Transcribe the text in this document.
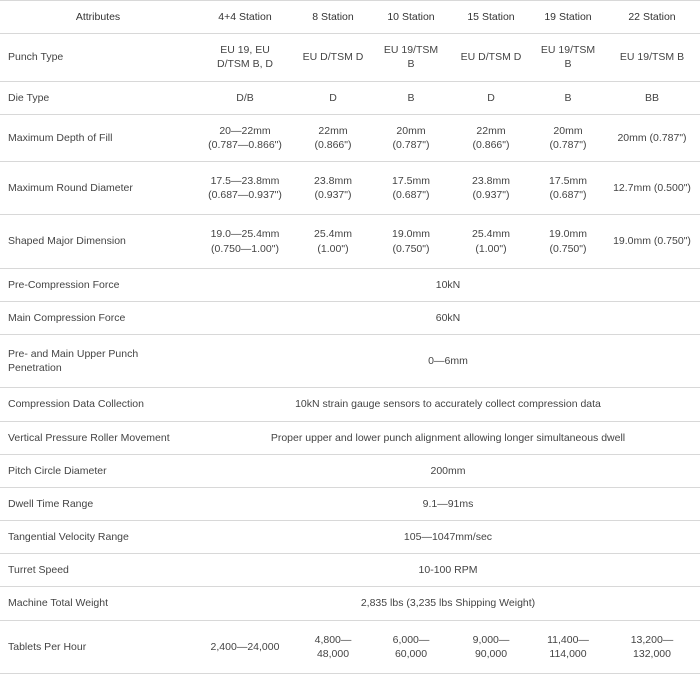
Attributes	4+4 Station	8 Station	10 Station	15 Station	19 Station	22 Station
Punch Type	EU 19, EU D/TSM B, D	EU D/TSM D	EU 19/TSM B	EU D/TSM D	EU 19/TSM B	EU 19/TSM B
Die Type	D/B	D	B	D	B	BB
Maximum Depth of Fill	20—22mm (0.787—0.866")	22mm (0.866")	20mm (0.787")	22mm (0.866")	20mm (0.787")	20mm (0.787")
Maximum Round Diameter	17.5—23.8mm (0.687—0.937")	23.8mm (0.937")	17.5mm (0.687")	23.8mm (0.937")	17.5mm (0.687")	12.7mm (0.500")
Shaped Major Dimension	19.0—25.4mm (0.750—1.00")	25.4mm (1.00")	19.0mm (0.750")	25.4mm (1.00")	19.0mm (0.750")	19.0mm (0.750")
Pre-Compression Force	10kN					
Main Compression Force	60kN					
Pre- and Main Upper Punch Penetration	0—6mm					
Compression Data Collection	10kN strain gauge sensors to accurately collect compression data					
Vertical Pressure Roller Movement	Proper upper and lower punch alignment allowing longer simultaneous dwell					
Pitch Circle Diameter	200mm					
Dwell Time Range	9.1—91ms					
Tangential Velocity Range	105—1047mm/sec					
Turret Speed	10-100 RPM					
Machine Total Weight	2,835 lbs (3,235 lbs Shipping Weight)					
Tablets Per Hour	2,400—24,000	4,800—48,000	6,000—60,000	9,000—90,000	11,400—114,000	13,200—132,000
